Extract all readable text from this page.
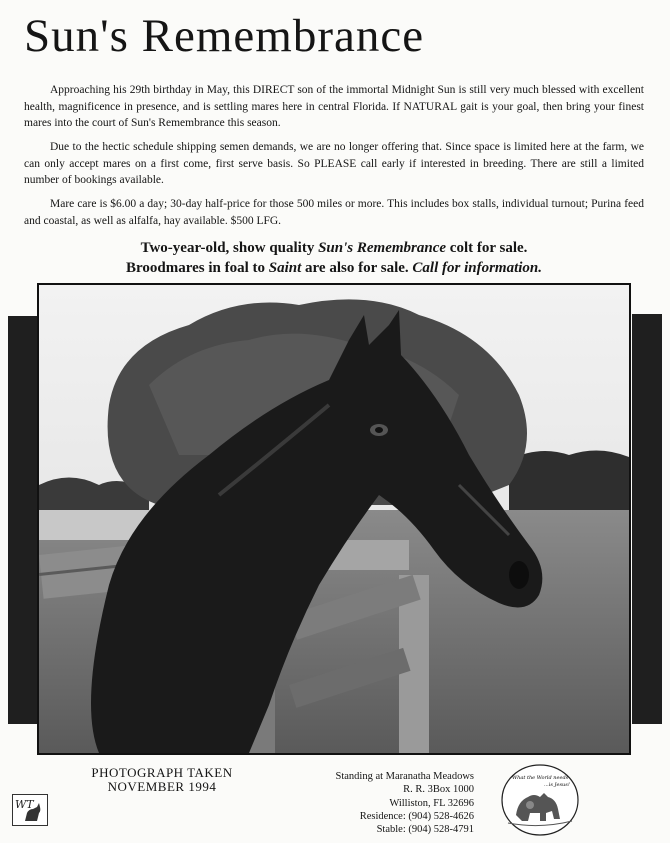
Sun's Remembrance

Approaching his 29th birthday in May, this DIRECT son of the immortal Midnight Sun is still very much blessed with excellent health, magnificence in presence, and is settling mares here in central Florida. If NATURAL gait is your goal, then bring your finest mares into the court of Sun's Remembrance this season.

Due to the hectic schedule shipping semen demands, we are no longer offering that. Since space is limited here at the farm, we can only accept mares on a first come, first serve basis. So PLEASE call early if interested in breeding. There are still a limited number of bookings available.

Mare care is $6.00 a day; 30-day half-price for those 500 miles or more. This includes box stalls, individual turnout; Purina feed and coastal, as well as alfalfa, hay available. $500 LFG.

Two-year-old, show quality Sun's Remembrance colt for sale.

Broodmares in foal to Saint are also for sale. Call for information.

PHOTOGRAPH TAKEN
NOVEMBER 1994
Standing at Maranatha Meadows
R. R. 3Box 1000
Williston, FL 32696
Residence: (904) 528-4626
Stable: (904) 528-4791
WT
What the World needs
...is Jesus!
